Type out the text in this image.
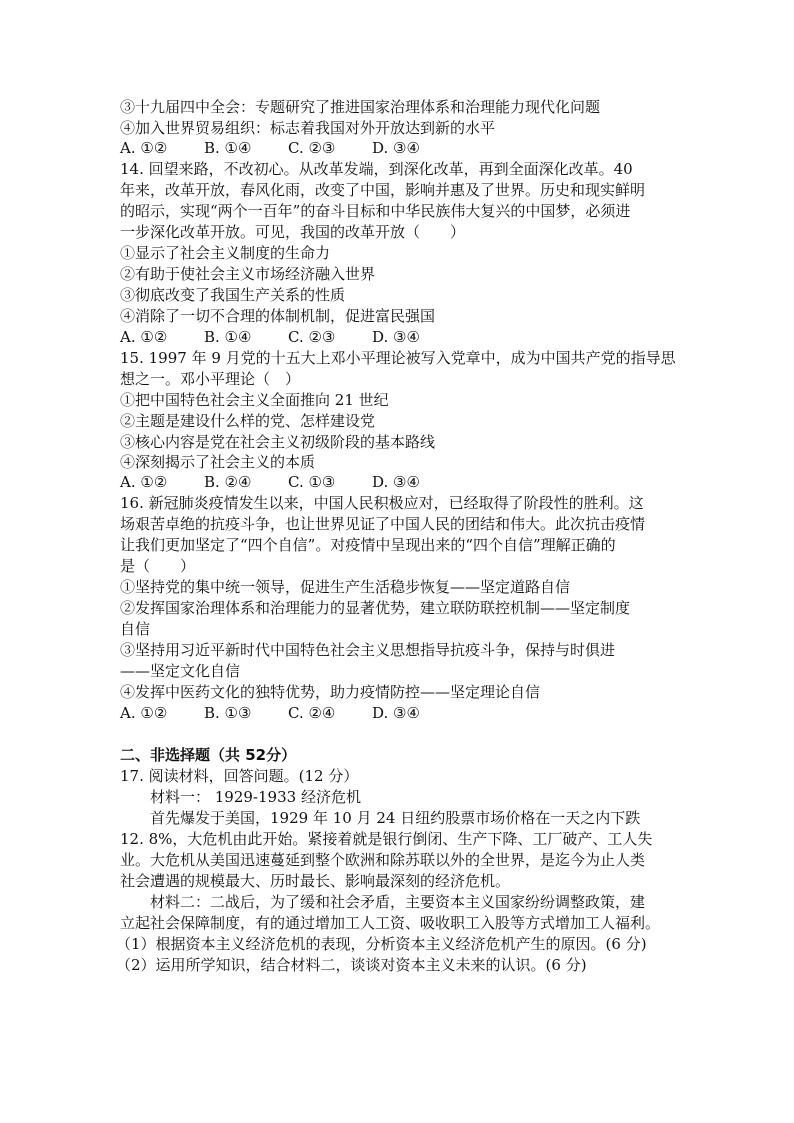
③十九届四中全会：专题研究了推进国家治理体系和治理能力现代化问题
④加入世界贸易组织：标志着我国对外开放达到新的水平
A. ①② B. ①④ C. ②③ D. ③④
14. 回望来路，不改初心。从改革发端，到深化改革，再到全面深化改革。40
年来，改革开放，春风化雨，改变了中国，影响并惠及了世界。历史和现实鲜明
的昭示，实现“两个一百年”的奋斗目标和中华民族伟大复兴的中国梦，必须进
一步深化改革开放。可见，我国的改革开放（　　）
①显示了社会主义制度的生命力
②有助于使社会主义市场经济融入世界
③彻底改变了我国生产关系的性质
④消除了一切不合理的体制机制，促进富民强国
A. ①② B. ①④ C. ②③ D. ③④
15. 1997 年 9 月党的十五大上邓小平理论被写入党章中，成为中国共产党的指导思
想之一。邓小平理论（　）
①把中国特色社会主义全面推向 21 世纪
②主题是建设什么样的党、怎样建设党
③核心内容是党在社会主义初级阶段的基本路线
④深刻揭示了社会主义的本质
A. ①② B. ②④ C. ①③ D. ③④
16. 新冠肺炎疫情发生以来，中国人民积极应对，已经取得了阶段性的胜利。这
场艰苦卓绝的抗疫斗争，也让世界见证了中国人民的团结和伟大。此次抗击疫情
让我们更加坚定了“四个自信”。对疫情中呈现出来的“四个自信”理解正确的
是（　　）
①坚持党的集中统一领导，促进生产生活稳步恢复——坚定道路自信
②发挥国家治理体系和治理能力的显著优势，建立联防联控机制——坚定制度
自信
③坚持用习近平新时代中国特色社会主义思想指导抗疫斗争，保持与时俱进
——坚定文化自信
④发挥中医药文化的独特优势，助力疫情防控——坚定理论自信
A. ①② B. ①③ C. ②④ D. ③④
二、非选择题（共 52分）
17. 阅读材料，回答问题。(12 分）
材料一： 1929-1933 经济危机
首先爆发于美国，1929 年 10 月 24 日纽约股票市场价格在一天之内下跌
12. 8%，大危机由此开始。紧接着就是银行倒闭、生产下降、工厂破产、工人失
业。大危机从美国迅速蔓延到整个欧洲和除苏联以外的全世界，是迄今为止人类
社会遭遇的规模最大、历时最长、影响最深刻的经济危机。
材料二：二战后，为了缓和社会矛盾，主要资本主义国家纷纷调整政策，建
立起社会保障制度，有的通过增加工人工资、吸收职工入股等方式增加工人福利。
（1）根据资本主义经济危机的表现，分析资本主义经济危机产生的原因。(6 分)
（2）运用所学知识，结合材料二，谈谈对资本主义未来的认识。(6 分)
